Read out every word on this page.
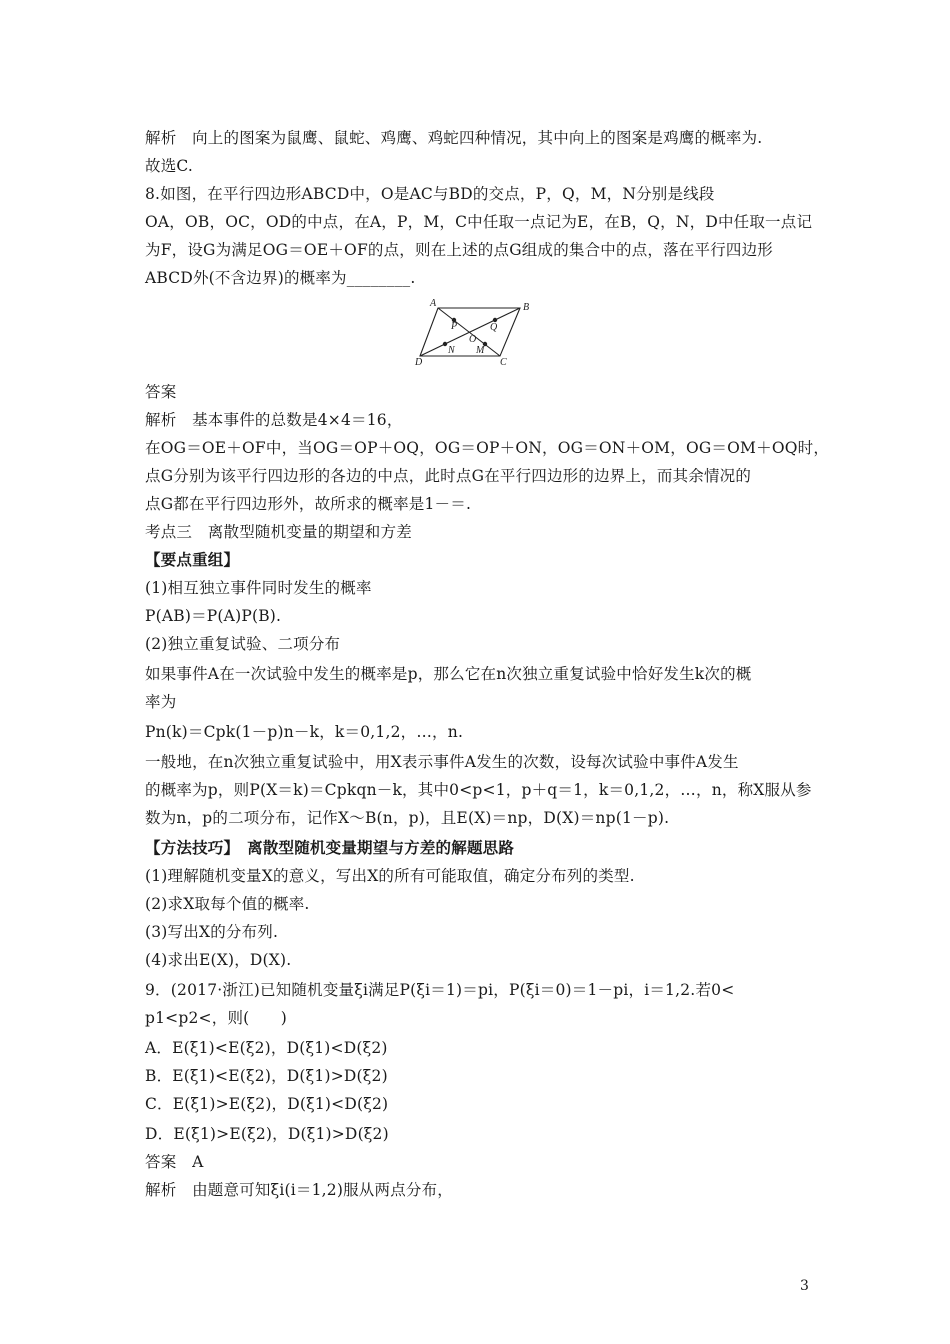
解析　向上的图案为鼠鹰、鼠蛇、鸡鹰、鸡蛇四种情况，其中向上的图案是鸡鹰的概率为.
故选C.
8.如图，在平行四边形ABCD中，O是AC与BD的交点，P，Q，M，N分别是线段
OA，OB，OC，OD的中点，在A，P，M，C中任取一点记为E，在B，Q，N，D中任取一点记
为F，设G为满足OG＝OE＋OF的点，则在上述的点G组成的集合中的点，落在平行四边形
ABCD外(不含边界)的概率为________.
A	B
C
D
O
P	Q
M
N
答案
解析　基本事件的总数是4×4＝16，
在OG＝OE＋OF中，当OG＝OP＋OQ，OG＝OP＋ON，OG＝ON＋OM，OG＝OM＋OQ时，
点G分别为该平行四边形的各边的中点，此时点G在平行四边形的边界上，而其余情况的
点G都在平行四边形外，故所求的概率是1－＝.
考点三　离散型随机变量的期望和方差
【要点重组】
(1)相互独立事件同时发生的概率
P(AB)＝P(A)P(B).
(2)独立重复试验、二项分布
如果事件A在一次试验中发生的概率是p，那么它在n次独立重复试验中恰好发生k次的概
率为
Pn(k)＝Cpk(1－p)n－k，k＝0,1,2，…，n.
一般地，在n次独立重复试验中，用X表示事件A发生的次数，设每次试验中事件A发生
的概率为p，则P(X＝k)＝Cpkqn－k，其中0<p<1，p＋q＝1，k＝0,1,2，…，n，称X服从参
数为n，p的二项分布，记作X～B(n，p)，且E(X)＝np，D(X)＝np(1－p).
【方法技巧】　离散型随机变量期望与方差的解题思路
(1)理解随机变量X的意义，写出X的所有可能取值，确定分布列的类型.
(2)求X取每个值的概率.
(3)写出X的分布列.
(4)求出E(X)，D(X).
9．(2017·浙江)已知随机变量ξi满足P(ξi＝1)＝pi，P(ξi＝0)＝1－pi，i＝1,2.若0<
p1<p2<，则(　　)
A．E(ξ1)<E(ξ2)，D(ξ1)<D(ξ2)
B．E(ξ1)<E(ξ2)，D(ξ1)>D(ξ2)
C．E(ξ1)>E(ξ2)，D(ξ1)<D(ξ2)
D．E(ξ1)>E(ξ2)，D(ξ1)>D(ξ2)
答案　A
解析　由题意可知ξi(i＝1,2)服从两点分布，
3
